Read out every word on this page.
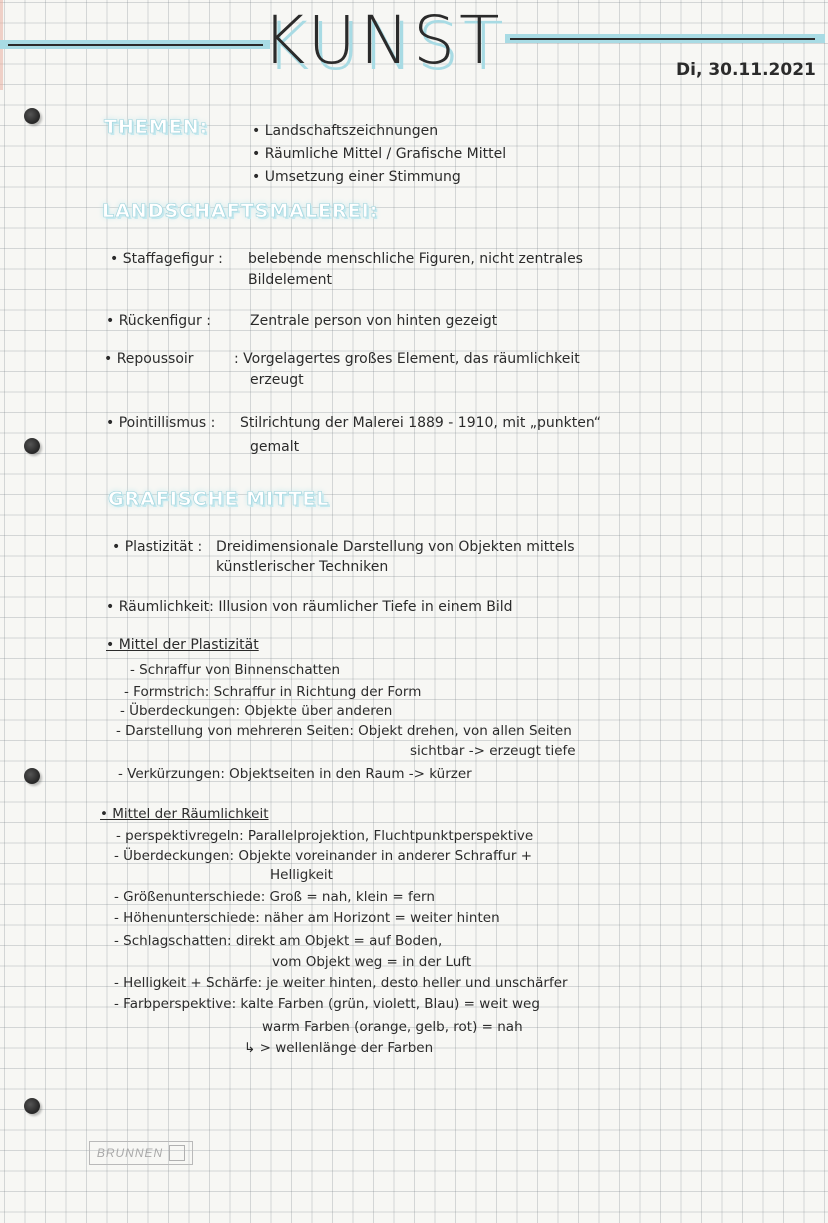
KUNST	Di, 30.11.2021
THEMEN:	• Landschaftszeichnungen
• Räumliche Mittel / Grafische Mittel
• Umsetzung einer Stimmung
LANDSCHAFTSMALEREI:
• Staffagefigur : belebende menschliche Figuren, nicht zentrales
Bildelement
• Rückenfigur :	Zentrale person von hinten gezeigt
• Repoussoir	: Vorgelagertes großes Element, das räumlichkeit
erzeugt
• Pointillismus : Stilrichtung der Malerei 1889 - 1910, mit „punkten“
gemalt
GRAFISCHE MITTEL
• Plastizität : Dreidimensionale Darstellung von Objekten mittels
künstlerischer Techniken
• Räumlichkeit: Illusion von räumlicher Tiefe in einem Bild
• Mittel der Plastizität
- Schraffur von Binnenschatten
- Formstrich: Schraffur in Richtung der Form
- Überdeckungen: Objekte über anderen
- Darstellung von mehreren Seiten: Objekt drehen, von allen Seiten
sichtbar -> erzeugt tiefe
- Verkürzungen: Objektseiten in den Raum -> kürzer
• Mittel der Räumlichkeit
- perspektivregeln: Parallelprojektion, Fluchtpunktperspektive
- Überdeckungen: Objekte voreinander in anderer Schraffur +
Helligkeit
- Größenunterschiede: Groß = nah, klein = fern
- Höhenunterschiede: näher am Horizont = weiter hinten
- Schlagschatten: direkt am Objekt = auf Boden,
vom Objekt weg = in der Luft
- Helligkeit + Schärfe: je weiter hinten, desto heller und unschärfer
- Farbperspektive: kalte Farben (grün, violett, Blau) = weit weg
warm Farben (orange, gelb, rot) = nah
↳ > wellenlänge der Farben
BRUNNEN
